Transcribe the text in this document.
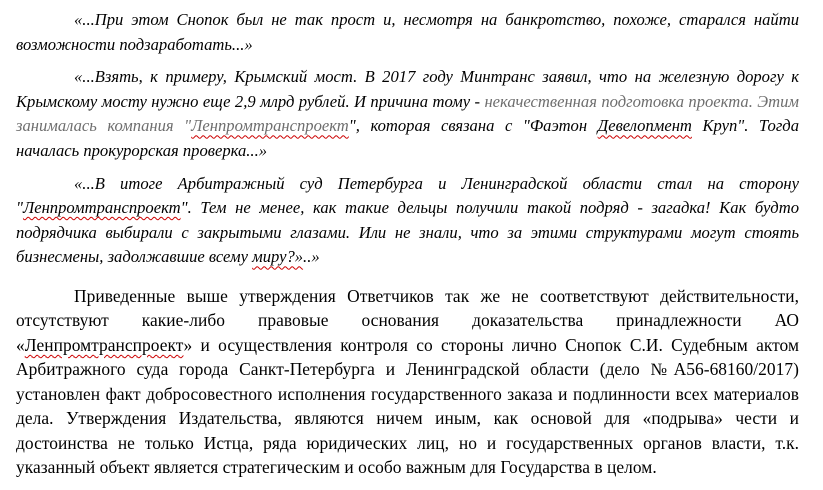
«...При этом Снопок был не так прост и, несмотря на банкротство, похоже, старался найти возможности подзаработать...»

«...Взять, к примеру, Крымский мост. В 2017 году Минтранс заявил, что на железную дорогу к Крымскому мосту нужно еще 2,9 млрд рублей. И причина тому - некачественная подготовка проекта. Этим занималась компания "Ленпромтранспроект", которая связана с "Фаэтон Девелопмент Круп". Тогда началась прокурорская проверка...»

«...В итоге Арбитражный суд Петербурга и Ленинградской области стал на сторону "Ленпромтранспроект". Тем не менее, как такие дельцы получили такой подряд - загадка! Как будто подрядчика выбирали с закрытыми глазами. Или не знали, что за этими структурами могут стоять бизнесмены, задолжавшие всему миру?»..»

Приведенные выше утверждения Ответчиков так же не соответствуют действительности, отсутствуют какие-либо правовые основания доказательства принадлежности АО «Ленпромтранспроект» и осуществления контроля со стороны лично Снопок С.И. Судебным актом Арбитражного суда города Санкт-Петербурга и Ленинградской области (дело №А56-68160/2017) установлен факт добросовестного исполнения государственного заказа и подлинности всех материалов дела. Утверждения Издательства, являются ничем иным, как основой для «подрыва» чести и достоинства не только Истца, ряда юридических лиц, но и государственных органов власти, т.к. указанный объект является стратегическим и особо важным для Государства в целом.
